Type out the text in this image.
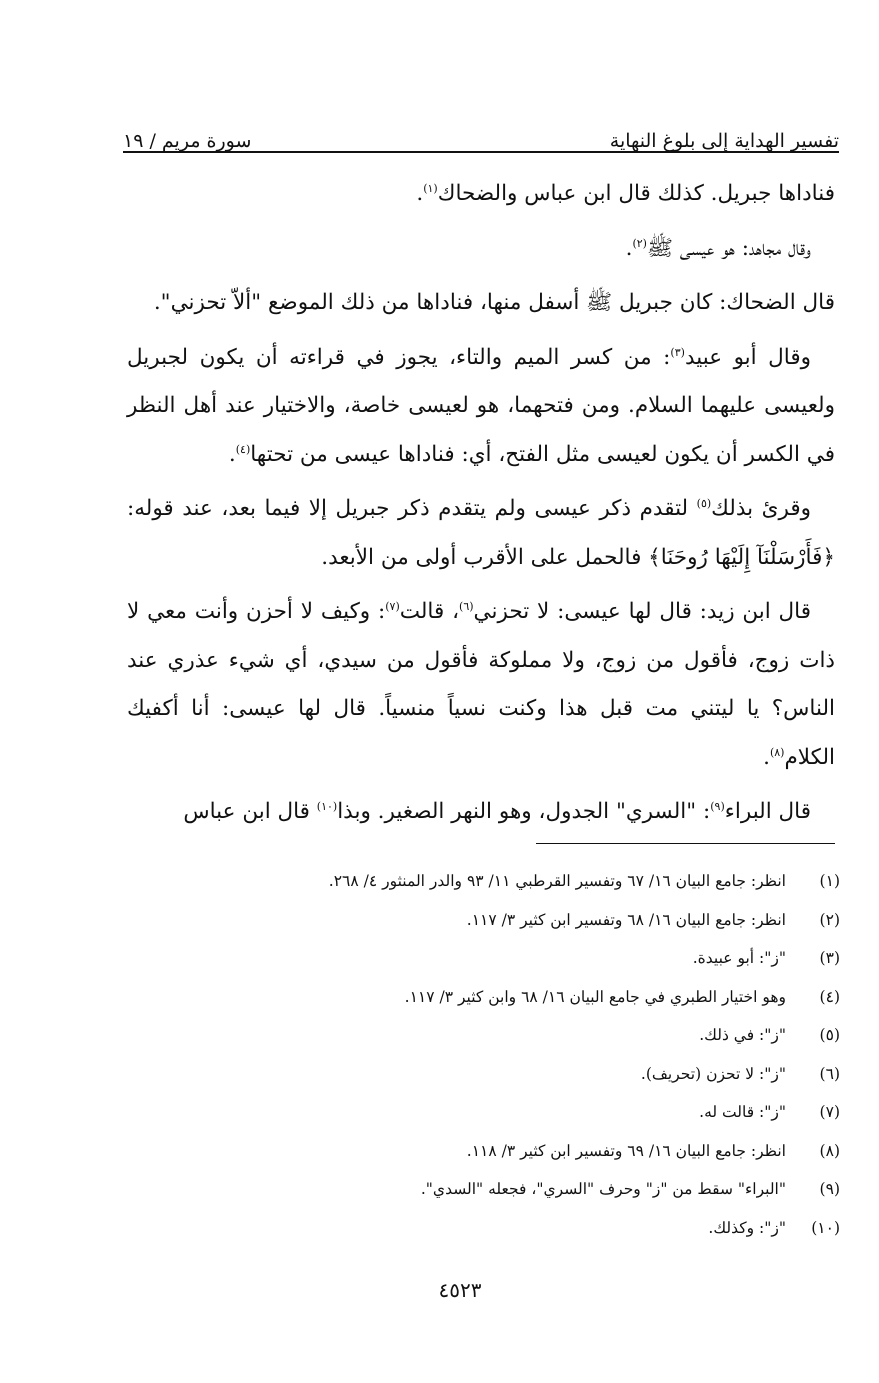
تفسير الهداية إلى بلوغ النهاية
سورة مريم / ١٩

فناداها جبريل. كذلك قال ابن عباس والضحاك$^{(١)}$.

وقال مجاهد: هو عيسى ﷺ$^{(٢)}$.

قال الضحاك: كان جبريل ﷺ أسفل منها، فناداها من ذلك الموضع "ألاّ تحزني".

وقال أبو عبيد$^{(٣)}$: من كسر الميم والتاء، يجوز في قراءته أن يكون لجبريل ولعيسى عليهما السلام. ومن فتحهما، هو لعيسى خاصة، والاختيار عند أهل النظر في الكسر أن يكون لعيسى مثل الفتح، أي: فناداها عيسى من تحتها$^{(٤)}$.

وقرئ بذلك$^{(٥)}$ لتقدم ذكر عيسى ولم يتقدم ذكر جبريل إلا فيما بعد، عند قوله: ﴿فَأَرْسَلْنَآ إِلَيْهَا رُوحَنَا﴾ فالحمل على الأقرب أولى من الأبعد.

قال ابن زيد: قال لها عيسى: لا تحزني$^{(٦)}$، قالت$^{(٧)}$: وكيف لا أحزن وأنت معي لا ذات زوج، فأقول من زوج، ولا مملوكة فأقول من سيدي، أي شيء عذري عند الناس؟ يا ليتني مت قبل هذا وكنت نسياً منسياً. قال لها عيسى: أنا أكفيك الكلام$^{(٨)}$.

قال البراء$^{(٩)}$: "السري" الجدول، وهو النهر الصغير. وبذا$^{(١٠)}$ قال ابن عباس

(١)
انظر: جامع البيان ١٦/ ٦٧ وتفسير القرطبي ١١/ ٩٣ والدر المنثور ٤/ ٢٦٨.
(٢)
انظر: جامع البيان ١٦/ ٦٨ وتفسير ابن كثير ٣/ ١١٧.
(٣)
"ز": أبو عبيدة.
(٤)
وهو اختيار الطبري في جامع البيان ١٦/ ٦٨ وابن كثير ٣/ ١١٧.
(٥)
"ز": في ذلك.
(٦)
"ز": لا تحزن (تحريف).
(٧)
"ز": قالت له.
(٨)
انظر: جامع البيان ١٦/ ٦٩ وتفسير ابن كثير ٣/ ١١٨.
(٩)
"البراء" سقط من "ز" وحرف "السري"، فجعله "السدي".
(١٠)
"ز": وكذلك.
٤٥٢٣
